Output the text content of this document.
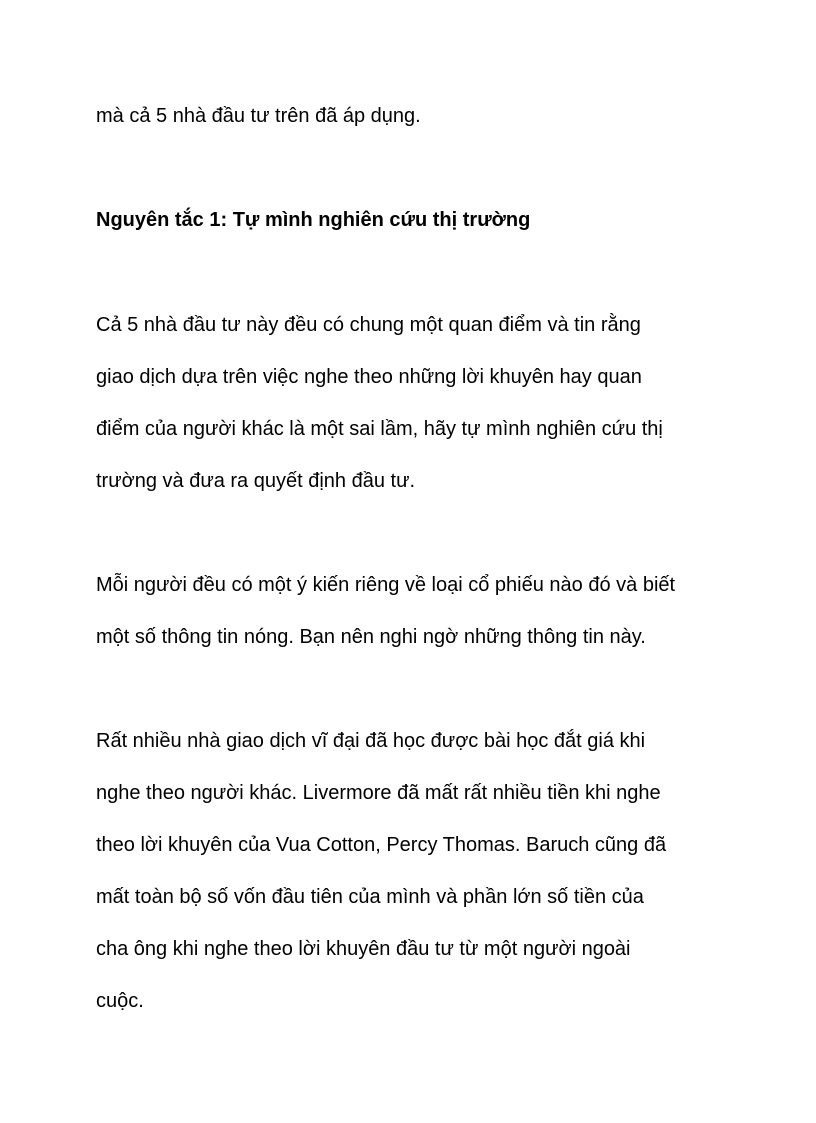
mà cả 5 nhà đầu tư trên đã áp dụng.

Nguyên tắc 1: Tự mình nghiên cứu thị trường

Cả 5 nhà đầu tư này đều có chung một quan điểm và tin rằng

giao dịch dựa trên việc nghe theo những lời khuyên hay quan

điểm của người khác là một sai lầm, hãy tự mình nghiên cứu thị

trường và đưa ra quyết định đầu tư.

Mỗi người đều có một ý kiến riêng về loại cổ phiếu nào đó và biết

một số thông tin nóng. Bạn nên nghi ngờ những thông tin này.

Rất nhiều nhà giao dịch vĩ đại đã học được bài học đắt giá khi

nghe theo người khác. Livermore đã mất rất nhiều tiền khi nghe

theo lời khuyên của Vua Cotton, Percy Thomas. Baruch cũng đã

mất toàn bộ số vốn đầu tiên của mình và phần lớn số tiền của

cha ông khi nghe theo lời khuyên đầu tư từ một người ngoài

cuộc.
